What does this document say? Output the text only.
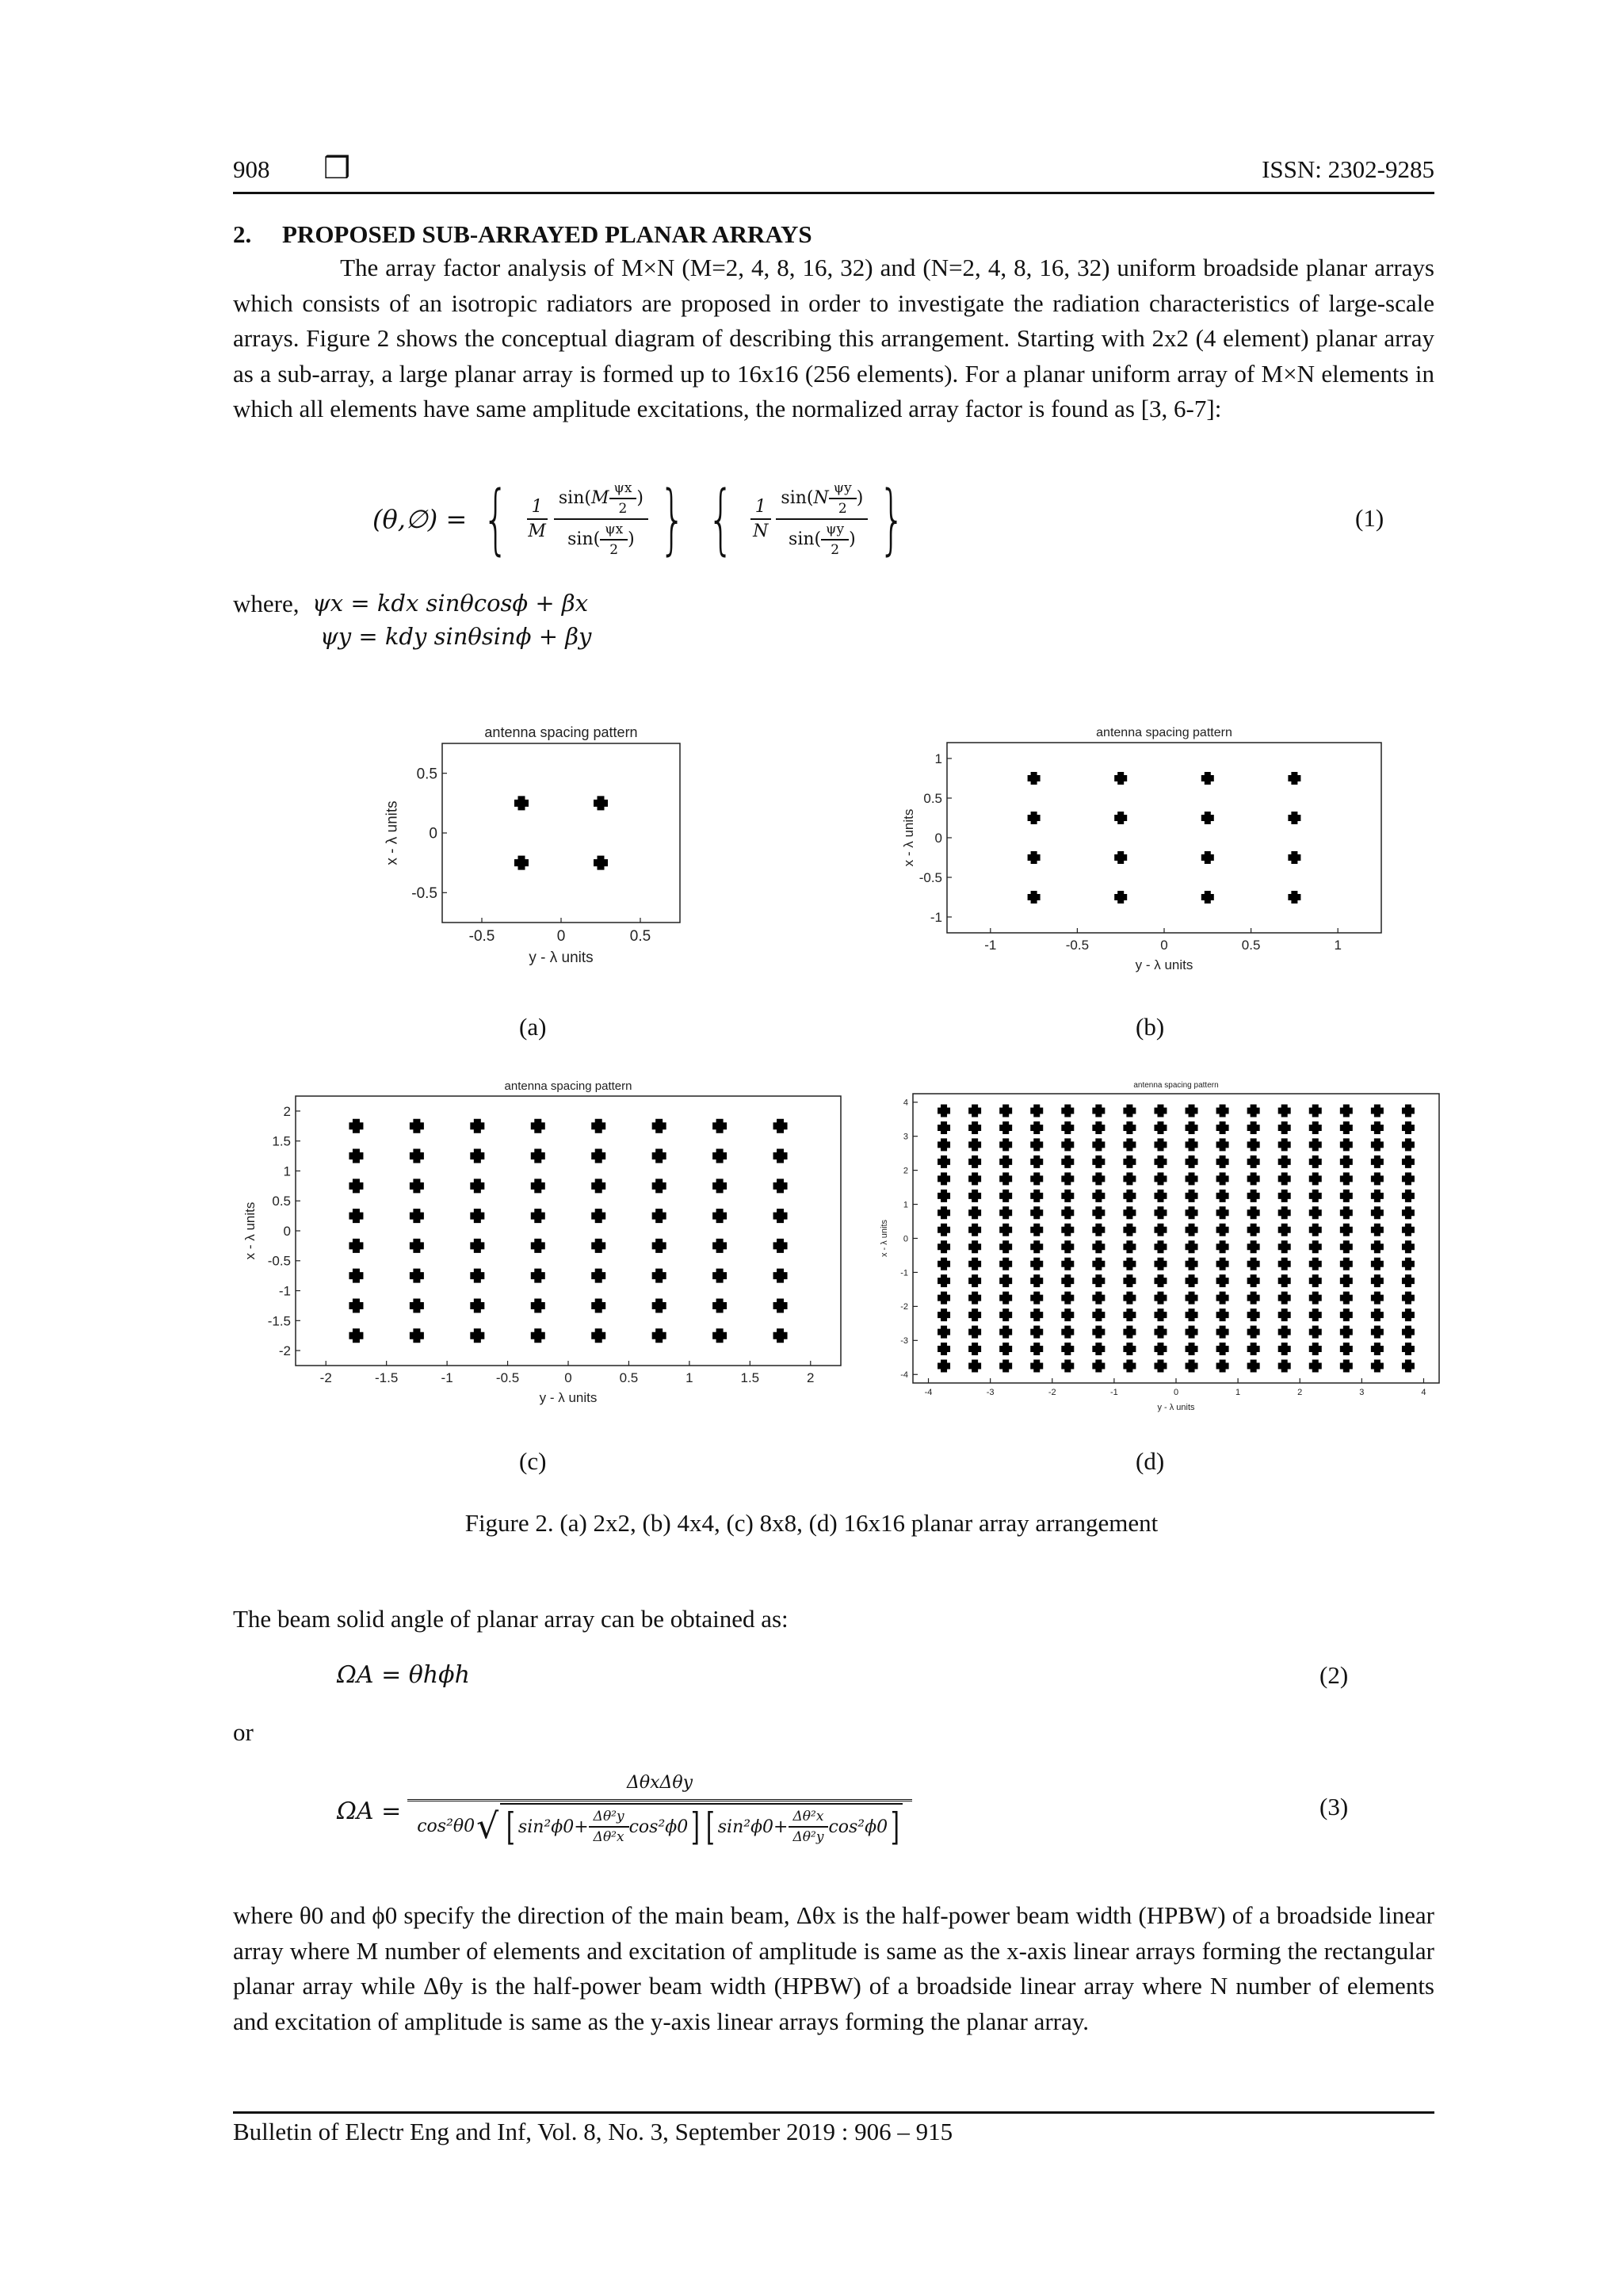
908 ❒	ISSN: 2302-9285
2.     PROPOSED SUB-ARRAYED PLANAR ARRAYS

The array factor analysis of M×N (M=2, 4, 8, 16, 32) and (N=2, 4, 8, 16, 32) uniform broadside planar arrays which consists of an isotropic radiators are proposed in order to investigate the radiation characteristics of large-scale arrays. Figure 2 shows the conceptual diagram of describing this arrangement. Starting with 2x2 (4 element) planar array as a sub-array, a large planar array is formed up to 16x16 (256 elements). For a planar uniform array of M×N elements in which all elements have same amplitude excitations, the normalized array factor is found as [3, 6-7]:

(θ,∅) = { $\frac{1}{M} \frac{\sin(M \frac{\psi x}{2} )}{\sin( \frac{\psi x}{2} )}$ } { $\frac{1}{N} \frac{\sin(N \frac{\psi y}{2} )}{\sin( \frac{\psi y}{2} )}$ }	(1)
where, ψx = kdx sinθcosϕ + βx
ψy = kdy sinθsinϕ + βy
antenna spacing pattern
-0.5	0	0.5
0.5
0
-0.5
y - λ units
x - λ units
antenna spacing pattern
-1	-0.5	0	0.5	1
1
0.5
0
-0.5
-1
y - λ units
x - λ units
antenna spacing pattern
-2	-1.5	-1	-0.5	0	0.5	1	1.5	2
2
1.5
1
0.5
0
-0.5
-1
-1.5
-2
y - λ units
x - λ units
antenna spacing pattern
-4	-3	-2	-1	0	1	2	3	4
4
3
2
1
0
-1
-2
-3
-4
y - λ units
x - λ units
(a)	(b)
(c)	(d)
Figure 2. (a) 2x2, (b) 4x4, (c) 8x8, (d) 16x16 planar array arrangement
The beam solid angle of planar array can be obtained as:
ΩA = θhϕh	(2)
or
ΩA =
ΔθxΔθy
cos²θ0 √ [ $\sin^2\phi 0+ \frac{\text{Δθ²y}}{\text{Δθ²x}} \cos^2\phi 0$ ] [ $\sin^2\phi 0+ \frac{\text{Δθ²x}}{\text{Δθ²y}} \cos^2\phi 0$ ]	(3)

where θ0 and ϕ0 specify the direction of the main beam, Δθx is the half-power beam width (HPBW) of a broadside linear array where M number of elements and excitation of amplitude is same as the x-axis linear arrays forming the rectangular planar array while Δθy is the half-power beam width (HPBW) of a broadside linear array where N number of elements and excitation of amplitude is same as the y-axis linear arrays forming the planar array.

Bulletin of Electr Eng and Inf, Vol. 8, No. 3, September 2019 : 906 – 915
